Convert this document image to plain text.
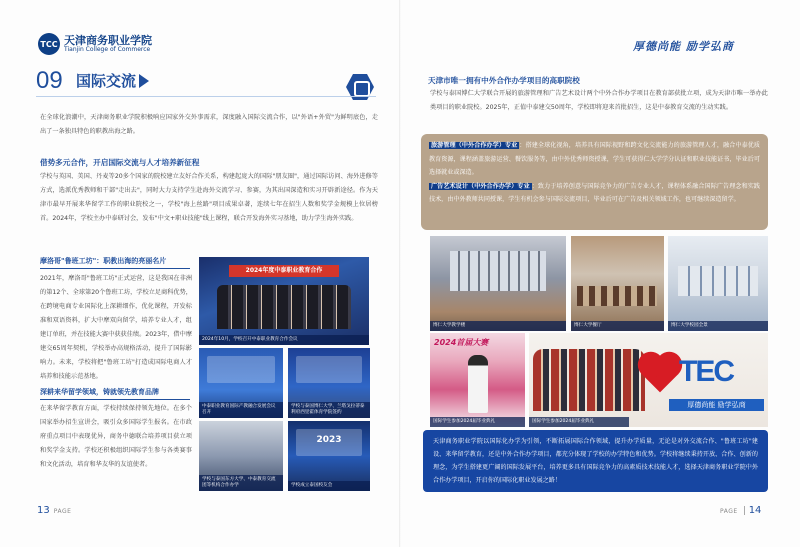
TCC 天津商务职业学院
Tianjin College of Commerce
09 国际交流

在全球化浪潮中，天津商务职业学院积极响应国家外交外事需求，深度融入国际交流合作，以"外语+外贸"为鲜明底色，走出了一条独具特色的职教出海之路。

借势多元合作，开启国际交流与人才培养新征程

学校与英国、美国、丹麦等20多个国家的院校建立友好合作关系，构建起庞大的国际"朋友圈"，通过国际访问、海外进修等方式，选派优秀教师和干部"走出去"，同时大力支持学生赴海外交流学习、参赛，为其出国深造和实习开辟新途径。作为天津市最早开展来华留学工作的职业院校之一，学校"海上丝路"项目成果卓著，连续七年在招生人数和奖学金规模上位居榜首。2024年，学校主办中泰研讨会，发布"中文+职业技能"线上课程，联合开发海外实习基地，助力学生海外实践。

摩洛哥"鲁班工坊"：职教出海的亮丽名片

2021年，摩洛哥"鲁班工坊"正式运营，这是我国在非洲的第12个、全球第20个鲁班工坊，学校立足商科优势，在跨境电商专业国际化上深耕细作，优化课程，开发标准和双语资料，扩大中摩双向留学，培养专业人才，组建订单班，并在技能大赛中获获佳绩。2023年，借中摩建交65周年契机，学校举办高规格活动，提升了国际影响力。未来，学校将把"鲁班工坊"打造成国际电商人才培养和技能示范基地。

深耕来华留学领域，铸就领先教育品牌

在来华留学教育方面，学校持续保持领先地位。在多个国家举办招生宣讲会，吸引众多国际学生报名。在市政府重点项目中表现优异，商务中德联合培养项目获立项和奖学金支持。学校还积极组织国际学生参与各类赛事和文化活动，培育和华友华的友谊使者。

2024年度中泰职业教育合作
2024年10月，学校召开中泰职业教育合作会议
中泰职业教育国际产教融合发展会议召开
学校与泰国博仁大学、兰塔戈拉蒂泰利府西里霍体育学院签约
学校与泰国东方大学、中泰教育交流团等机构合作办学
2023
学校成立泰国校友会
13 PAGE
厚德尚能 励学弘商
天津市唯一拥有中外合作办学项目的高职院校

学校与泰国博仁大学联合开展的旅游管理和广告艺术设计两个中外合作办学项目在教育部获批立项，成为天津市唯一举办此类项目的职业院校。2025年，正值中泰建交50周年，学校即将迎来首批招生，这是中泰教育交流的生动实践。

旅游管理（中外合作办学）专业 ：搭建全球化视角，培养具有国际视野和跨文化交流能力的旅游管理人才，融合中泰优质教育资源，课程涵盖旅游运营、餐饮服务等，由中外优秀师资授课，学生可获得仁大学学分认证和职业技能证书，毕业后可选择就业或深造。

广告艺术设计（中外合作办学）专业 ：致力于培养创意与国际竞争力的广告专业人才，课程体系融合国际广告理念和实践技术，由中外教师共同授课，学生有机会参与国际交流项目，毕业后可在广告及相关领域工作，也可继续深造留学。

博仁大学教学楼	博仁大学餐厅	博仁大学校园全景
2024首届大赛
国际学生参加2024届毕业典礼
TEC
厚德尚能 励学弘商
国际学生参加2024届毕业典礼

天津商务职业学院以国际化办学为引领，不断拓展国际合作领域，提升办学质量，无论是对外交流合作、"鲁班工坊"建设、来华留学教育，还是中外合作办学项目，都充分体现了学校的办学特色和优势。学校将继续秉持开放、合作、创新的理念，为学生搭建更广阔的国际发展平台，培养更多具有国际竞争力的高素质技术技能人才，选择天津商务职业学院中外合作办学项目，开启你的国际化职业发展之路！

PAGE 14
